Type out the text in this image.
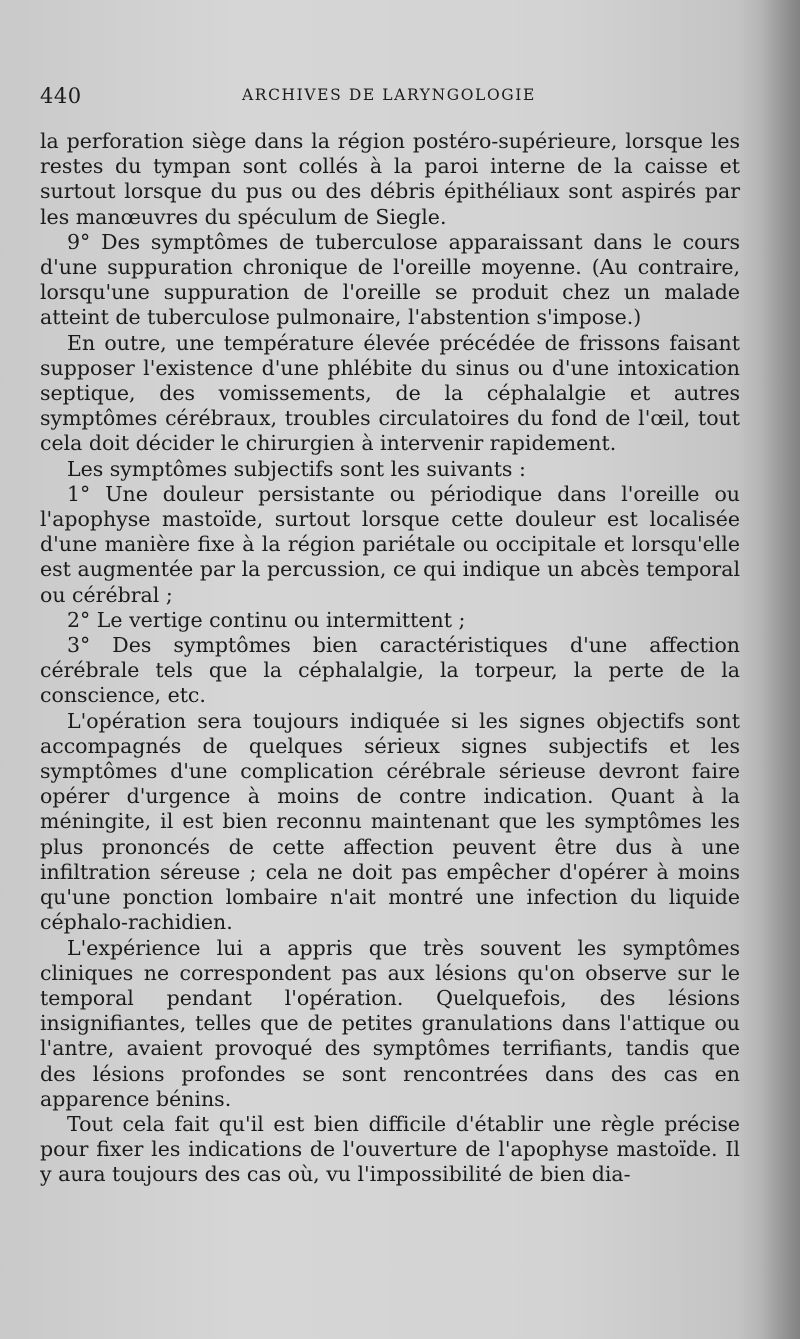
440	ARCHIVES DE LARYNGOLOGIE

la perforation siège dans la région postéro-supérieure, lorsque les restes du tympan sont collés à la paroi interne de la caisse et surtout lorsque du pus ou des débris épithéliaux sont aspirés par les manœuvres du spéculum de Siegle.

9° Des symptômes de tuberculose apparaissant dans le cours d'une suppuration chronique de l'oreille moyenne. (Au contraire, lorsqu'une suppuration de l'oreille se produit chez un malade atteint de tuberculose pulmonaire, l'abstention s'impose.)

En outre, une température élevée précédée de frissons faisant supposer l'existence d'une phlébite du sinus ou d'une intoxication septique, des vomissements, de la céphalalgie et autres symptômes cérébraux, troubles circulatoires du fond de l'œil, tout cela doit décider le chirurgien à intervenir rapidement.

Les symptômes subjectifs sont les suivants :

1° Une douleur persistante ou périodique dans l'oreille ou l'apophyse mastoïde, surtout lorsque cette douleur est localisée d'une manière fixe à la région pariétale ou occipitale et lorsqu'elle est augmentée par la percussion, ce qui indique un abcès temporal ou cérébral ;

2° Le vertige continu ou intermittent ;

3° Des symptômes bien caractéristiques d'une affection cérébrale tels que la céphalalgie, la torpeur, la perte de la conscience, etc.

L'opération sera toujours indiquée si les signes objectifs sont accompagnés de quelques sérieux signes subjectifs et les symptômes d'une complication cérébrale sérieuse devront faire opérer d'urgence à moins de contre indication. Quant à la méningite, il est bien reconnu maintenant que les symptômes les plus prononcés de cette affection peuvent être dus à une infiltration séreuse ; cela ne doit pas empêcher d'opérer à moins qu'une ponction lombaire n'ait montré une infection du liquide céphalo-rachidien.

L'expérience lui a appris que très souvent les symptômes cliniques ne correspondent pas aux lésions qu'on observe sur le temporal pendant l'opération. Quelquefois, des lésions insignifiantes, telles que de petites granulations dans l'attique ou l'antre, avaient provoqué des symptômes terrifiants, tandis que des lésions profondes se sont rencontrées dans des cas en apparence bénins.

Tout cela fait qu'il est bien difficile d'établir une règle précise pour fixer les indications de l'ouverture de l'apophyse mastoïde. Il y aura toujours des cas où, vu l'impossibilité de bien dia-
